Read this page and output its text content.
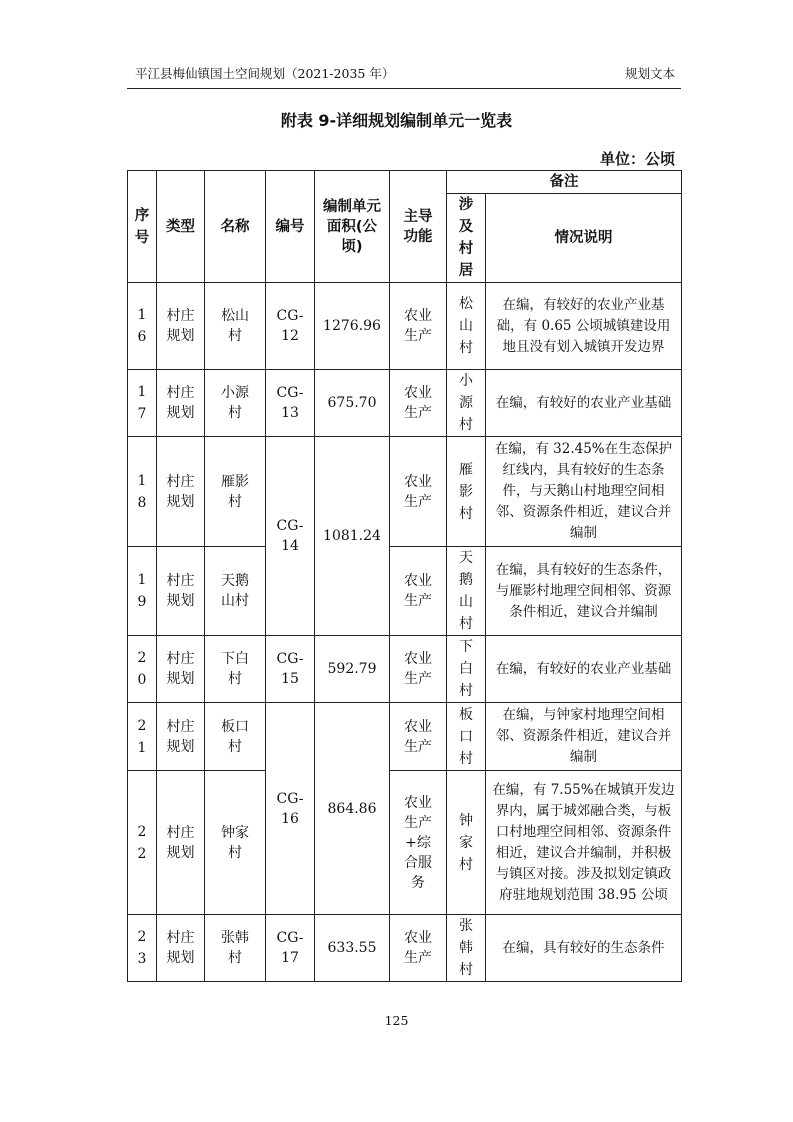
平江县梅仙镇国土空间规划（2021-2035 年）	规划文本
附表 9-详细规划编制单元一览表
单位：公顷
序号	类型	名称	编号	编制单元面积(公顷)	主导功能	备注	
						涉及村居	情况说明
16	村庄规划	松山村	CG-12	1276.96	农业生产	松山村	在编，有较好的农业产业基础，有 0.65 公顷城镇建设用地且没有划入城镇开发边界
17	村庄规划	小源村	CG-13	675.70	农业生产	小源村	在编，有较好的农业产业基础
18	村庄规划	雁影村	CG-14	1081.24	农业生产	雁影村	在编，有 32.45%在生态保护红线内，具有较好的生态条件，与天鹅山村地理空间相邻、资源条件相近，建议合并编制
19	村庄规划	天鹅山村			农业生产	天鹅山村	在编，具有较好的生态条件，与雁影村地理空间相邻、资源条件相近，建议合并编制
20	村庄规划	下白村	CG-15	592.79	农业生产	下白村	在编，有较好的农业产业基础
21	村庄规划	板口村	CG-16	864.86	农业生产	板口村	在编，与钟家村地理空间相邻、资源条件相近，建议合并编制
22	村庄规划	钟家村			农业生产+综合服务	钟家村	在编，有 7.55%在城镇开发边界内，属于城郊融合类，与板口村地理空间相邻、资源条件相近，建议合并编制，并积极与镇区对接。涉及拟划定镇政府驻地规划范围 38.95 公顷
23	村庄规划	张韩村	CG-17	633.55	农业生产	张韩村	在编，具有较好的生态条件
125
